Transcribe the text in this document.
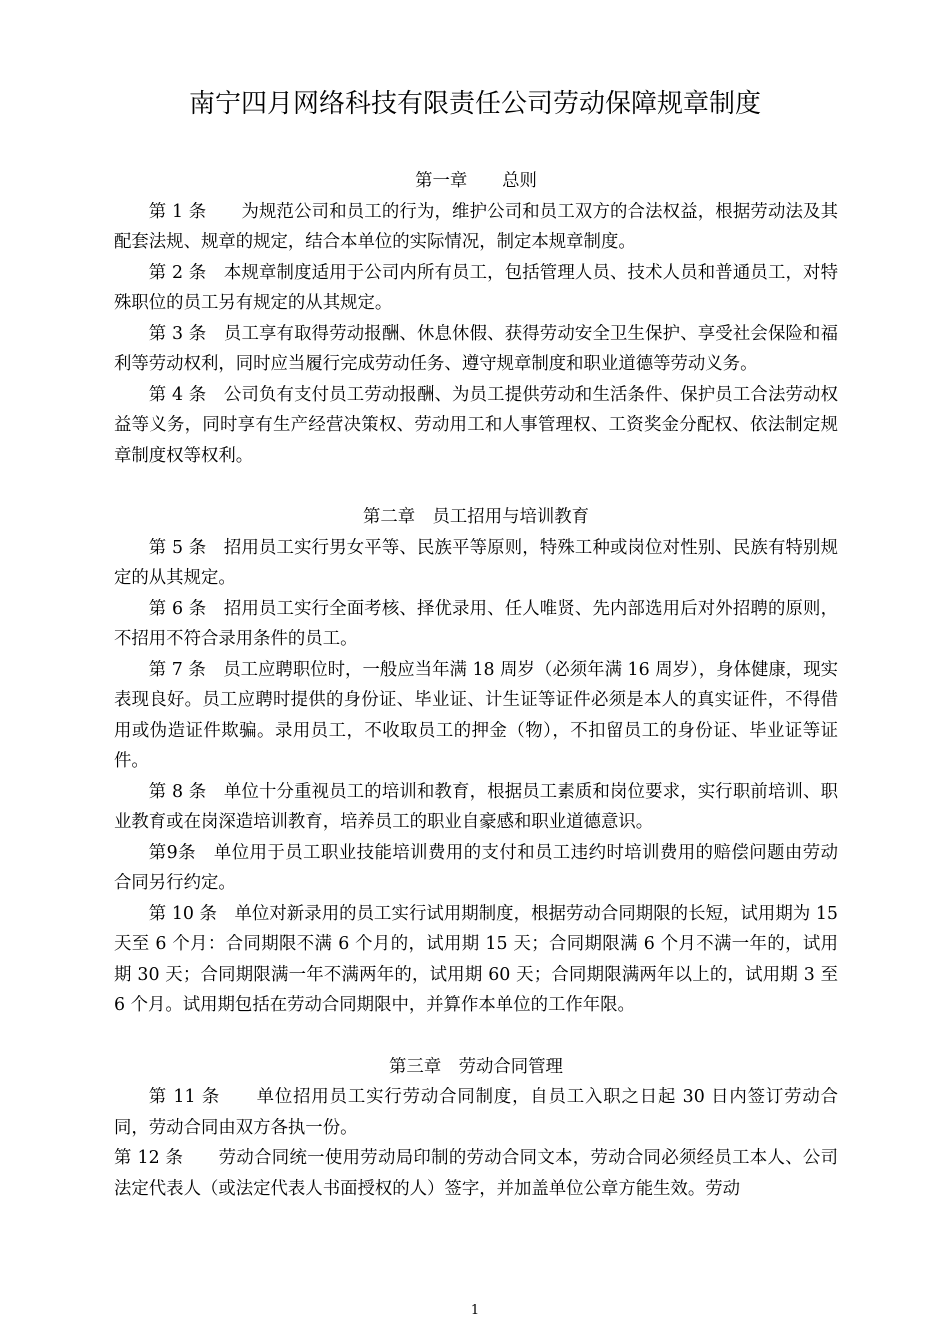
南宁四月网络科技有限责任公司劳动保障规章制度
第一章　　总则

第 1 条　　 为规范公司和员工的行为，维护公司和员工双方的合法权益，根据劳动法及其配套法规、规章的规定，结合本单位的实际情况，制定本规章制度。

第 2 条　 本规章制度适用于公司内所有员工，包括管理人员、技术人员和普通员工，对特殊职位的员工另有规定的从其规定。

第 3 条　 员工享有取得劳动报酬、休息休假、获得劳动安全卫生保护、享受社会保险和福利等劳动权利，同时应当履行完成劳动任务、遵守规章制度和职业道德等劳动义务。

第 4 条　 公司负有支付员工劳动报酬、为员工提供劳动和生活条件、保护员工合法劳动权益等义务，同时享有生产经营决策权、劳动用工和人事管理权、工资奖金分配权、依法制定规章制度权等权利。

第二章　员工招用与培训教育

第 5 条　 招用员工实行男女平等、民族平等原则，特殊工种或岗位对性别、民族有特别规定的从其规定。

第 6 条　 招用员工实行全面考核、择优录用、任人唯贤、先内部选用后对外招聘的原则，不招用不符合录用条件的员工。

第 7 条　 员工应聘职位时，一般应当年满 18 周岁（必须年满 16 周岁），身体健康，现实表现良好。员工应聘时提供的身份证、毕业证、计生证等证件必须是本人的真实证件，不得借用或伪造证件欺骗。录用员工，不收取员工的押金（物），不扣留员工的身份证、毕业证等证件。

第 8 条　 单位十分重视员工的培训和教育，根据员工素质和岗位要求，实行职前培训、职业教育或在岗深造培训教育，培养员工的职业自豪感和职业道德意识。

第9条　 单位用于员工职业技能培训费用的支付和员工违约时培训费用的赔偿问题由劳动合同另行约定。

第 10 条　 单位对新录用的员工实行试用期制度，根据劳动合同期限的长短，试用期为 15 天至 6 个月：合同期限不满 6 个月的，试用期 15 天；合同期限满 6 个月不满一年的，试用期 30 天；合同期限满一年不满两年的，试用期 60 天；合同期限满两年以上的，试用期 3 至 6 个月。试用期包括在劳动合同期限中，并算作本单位的工作年限。

第三章　劳动合同管理

第 11 条　　 单位招用员工实行劳动合同制度，自员工入职之日起 30 日内签订劳动合同，劳动合同由双方各执一份。

第 12 条　　 劳动合同统一使用劳动局印制的劳动合同文本，劳动合同必须经员工本人、公司法定代表人（或法定代表人书面授权的人）签字，并加盖单位公章方能生效。劳动

1
